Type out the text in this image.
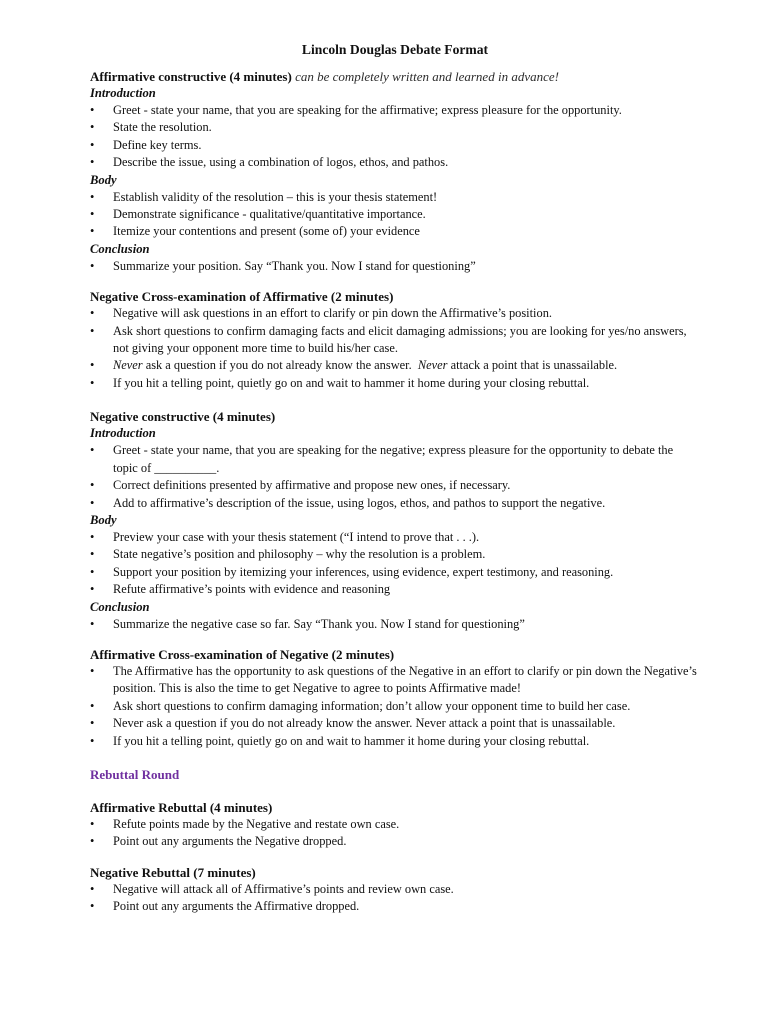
Lincoln Douglas Debate Format

Affirmative constructive (4 minutes) can be completely written and learned in advance!

Introduction

• Greet - state your name, that you are speaking for the affirmative; express pleasure for the opportunity.
• State the resolution.
• Define key terms.
• Describe the issue, using a combination of logos, ethos, and pathos.

Body

• Establish validity of the resolution – this is your thesis statement!
• Demonstrate significance - qualitative/quantitative importance.
• Itemize your contentions and present (some of) your evidence

Conclusion

• Summarize your position. Say “Thank you. Now I stand for questioning”

Negative Cross-examination of Affirmative (2 minutes)

• Negative will ask questions in an effort to clarify or pin down the Affirmative’s position.
• Ask short questions to confirm damaging facts and elicit damaging admissions; you are looking for yes/no answers, not giving your opponent more time to build his/her case.
• Never ask a question if you do not already know the answer.  Never attack a point that is unassailable.
• If you hit a telling point, quietly go on and wait to hammer it home during your closing rebuttal.

Negative constructive (4 minutes)

Introduction

• Greet - state your name, that you are speaking for the negative; express pleasure for the opportunity to debate the topic of __________.
• Correct definitions presented by affirmative and propose new ones, if necessary.
• Add to affirmative’s description of the issue, using logos, ethos, and pathos to support the negative.

Body

• Preview your case with your thesis statement (“I intend to prove that . . .).
• State negative’s position and philosophy – why the resolution is a problem.
• Support your position by itemizing your inferences, using evidence, expert testimony, and reasoning.
• Refute affirmative’s points with evidence and reasoning

Conclusion

• Summarize the negative case so far. Say “Thank you. Now I stand for questioning”

Affirmative Cross-examination of Negative (2 minutes)

• The Affirmative has the opportunity to ask questions of the Negative in an effort to clarify or pin down the Negative’s position. This is also the time to get Negative to agree to points Affirmative made!
• Ask short questions to confirm damaging information; don’t allow your opponent time to build her case.
• Never ask a question if you do not already know the answer. Never attack a point that is unassailable.
• If you hit a telling point, quietly go on and wait to hammer it home during your closing rebuttal.

Rebuttal Round

Affirmative Rebuttal (4 minutes)

• Refute points made by the Negative and restate own case.
• Point out any arguments the Negative dropped.

Negative Rebuttal (7 minutes)

• Negative will attack all of Affirmative’s points and review own case.
• Point out any arguments the Affirmative dropped.
